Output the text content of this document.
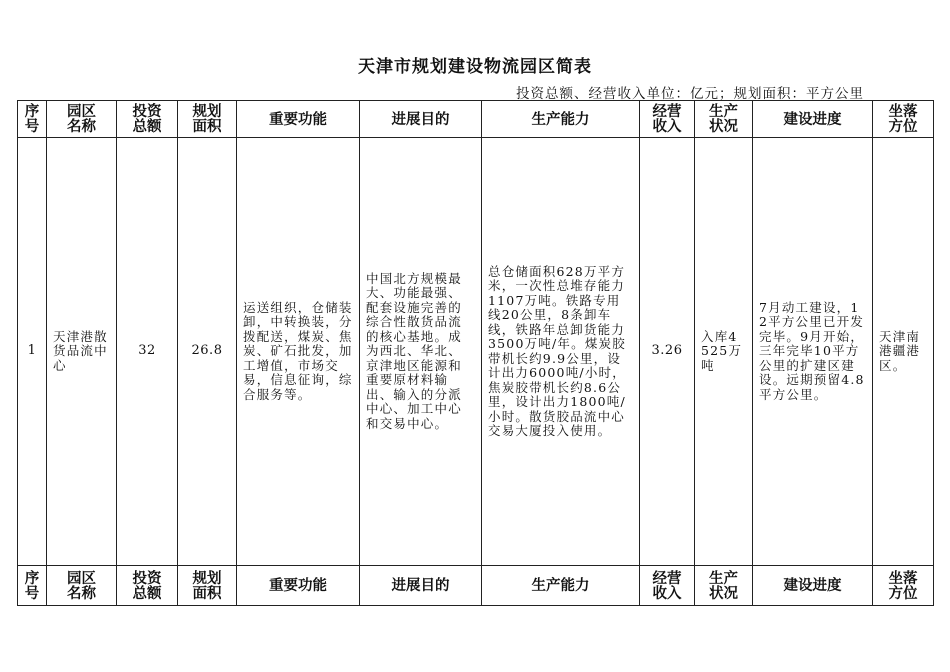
天津市规划建设物流园区简表
投资总额、经营收入单位：亿元；规划面积：平方公里
序号	园区名称	投资总额	规划面积	重要功能	进展目的	生产能力	经营收入	生产状况	建设进度	坐落方位
1	天津港散货品流中心	32	26.8	运送组织，仓储装卸，中转换装，分拨配送，煤炭、焦炭、矿石批发，加工增值，市场交易，信息征询，综合服务等。	中国北方规模最大、功能最强、配套设施完善的综合性散货品流的核心基地。成为西北、华北、京津地区能源和重要原材料输出、输入的分派中心、加工中心和交易中心。	总仓储面积628万平方米，一次性总堆存能力1107万吨。铁路专用线20公里，8条卸车线，铁路年总卸货能力3500万吨/年。煤炭胶带机长约9.9公里，设计出力6000吨/小时，焦炭胶带机长约8.6公里，设计出力1800吨/小时。散货胶品流中心交易大厦投入使用。	3.26	入库4525万吨	7月动工建设，12平方公里已开发完毕。9月开始，三年完毕10平方公里的扩建区建设。远期预留4.8平方公里。	天津南港疆港区。
序号	园区名称	投资总额	规划面积	重要功能	进展目的	生产能力	经营收入	生产状况	建设进度	坐落方位
